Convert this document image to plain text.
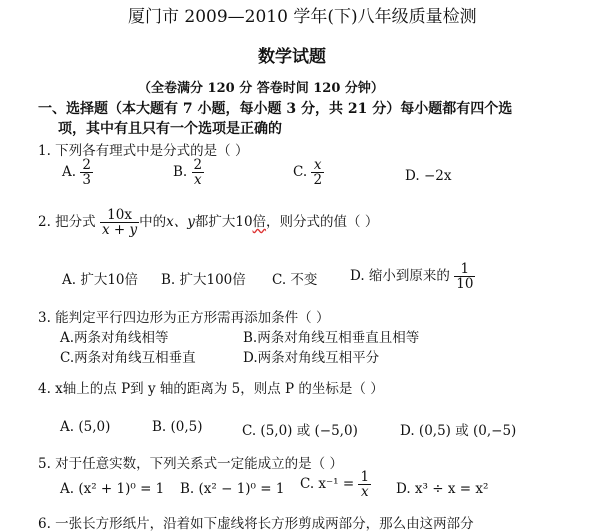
厦门市 2009—2010 学年(下)八年级质量检测
数学试题
（全卷满分 120 分 答卷时间 120 分钟）
一、选择题（本大题有 7 小题，每小题 3 分，共 21 分）每小题都有四个选
项，其中有且只有一个选项是正确的
1. 下列各有理式中是分式的是（ ）
A. $\frac{2}{3}$	B. $\frac{2}{x}$	C. $\frac{x}{2}$	D. −2x
2. 把分式 $\frac{10x}{x + y}$ 中的x、y都扩大10倍，则分式的值（ ）
A. 扩大10倍 B. 扩大100倍 C. 不变 D. 缩小到原来的 $\frac{1}{10}$
3. 能判定平行四边形为正方形需再添加条件（ ）
A.两条对角线相等	B.两条对角线互相垂直且相等
C.两条对角线互相垂直	D.两条对角线互相平分
4. x轴上的点 P到 y 轴的距离为 5，则点 P 的坐标是（ ）
A. (5,0)	B. (0,5)	C. (5,0) 或 (−5,0)	D. (0,5) 或 (0,−5)
5. 对于任意实数，下列关系式一定能成立的是（ ）
A. (x² + 1)⁰ = 1 B. (x² − 1)⁰ = 1 C. $x^{-1} = \frac{1}{x} D$. x³ ÷ x = x²
6. 一张长方形纸片，沿着如下虚线将长方形剪成两部分，那么由这两部分
